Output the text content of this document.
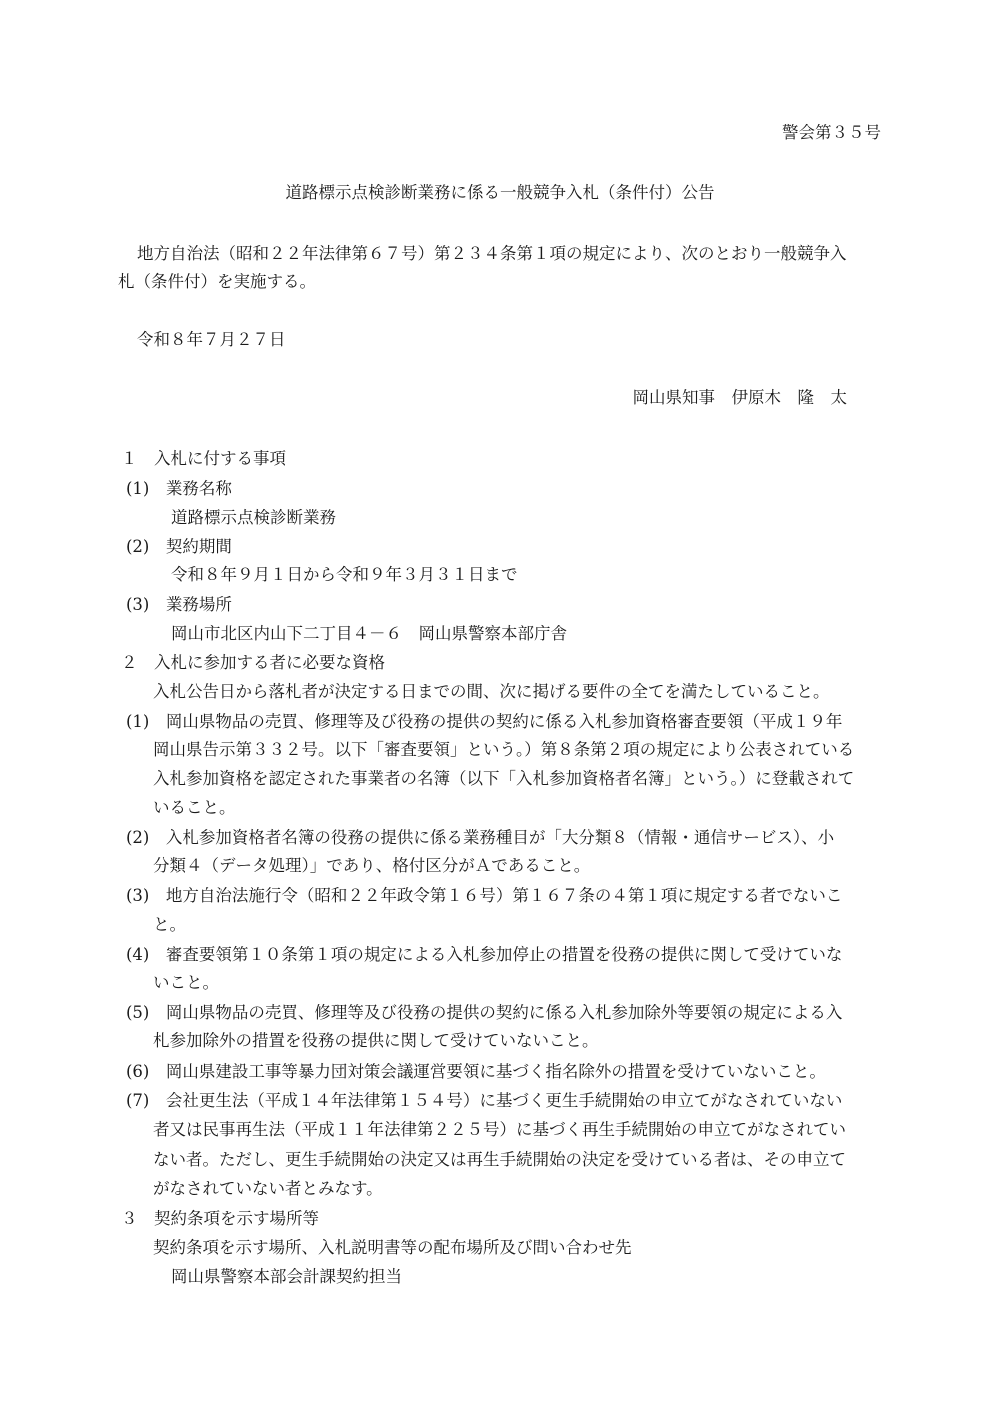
警会第３５号
道路標示点検診断業務に係る一般競争入札（条件付）公告
地方自治法（昭和２２年法律第６７号）第２３４条第１項の規定により、次のとおり一般競争入
札（条件付）を実施する。
令和８年７月２７日
岡山県知事　伊原木　隆　太
１　入札に付する事項
(1)　業務名称
道路標示点検診断業務
(2)　契約期間
令和８年９月１日から令和９年３月３１日まで
(3)　業務場所
岡山市北区内山下二丁目４－６　岡山県警察本部庁舎
２　入札に参加する者に必要な資格
入札公告日から落札者が決定する日までの間、次に掲げる要件の全てを満たしていること。
(1)　岡山県物品の売買、修理等及び役務の提供の契約に係る入札参加資格審査要領（平成１９年
岡山県告示第３３２号。以下「審査要領」という。）第８条第２項の規定により公表されている
入札参加資格を認定された事業者の名簿（以下「入札参加資格者名簿」という。）に登載されて
いること。
(2)　入札参加資格者名簿の役務の提供に係る業務種目が「大分類８（情報・通信サービス）、小
分類４（データ処理）」であり、格付区分がＡであること。
(3)　地方自治法施行令（昭和２２年政令第１６号）第１６７条の４第１項に規定する者でないこ
と。
(4)　審査要領第１０条第１項の規定による入札参加停止の措置を役務の提供に関して受けていな
いこと。
(5)　岡山県物品の売買、修理等及び役務の提供の契約に係る入札参加除外等要領の規定による入
札参加除外の措置を役務の提供に関して受けていないこと。
(6)　岡山県建設工事等暴力団対策会議運営要領に基づく指名除外の措置を受けていないこと。
(7)　会社更生法（平成１４年法律第１５４号）に基づく更生手続開始の申立てがなされていない
者又は民事再生法（平成１１年法律第２２５号）に基づく再生手続開始の申立てがなされてい
ない者。ただし、更生手続開始の決定又は再生手続開始の決定を受けている者は、その申立て
がなされていない者とみなす。
３　契約条項を示す場所等
契約条項を示す場所、入札説明書等の配布場所及び問い合わせ先
岡山県警察本部会計課契約担当
